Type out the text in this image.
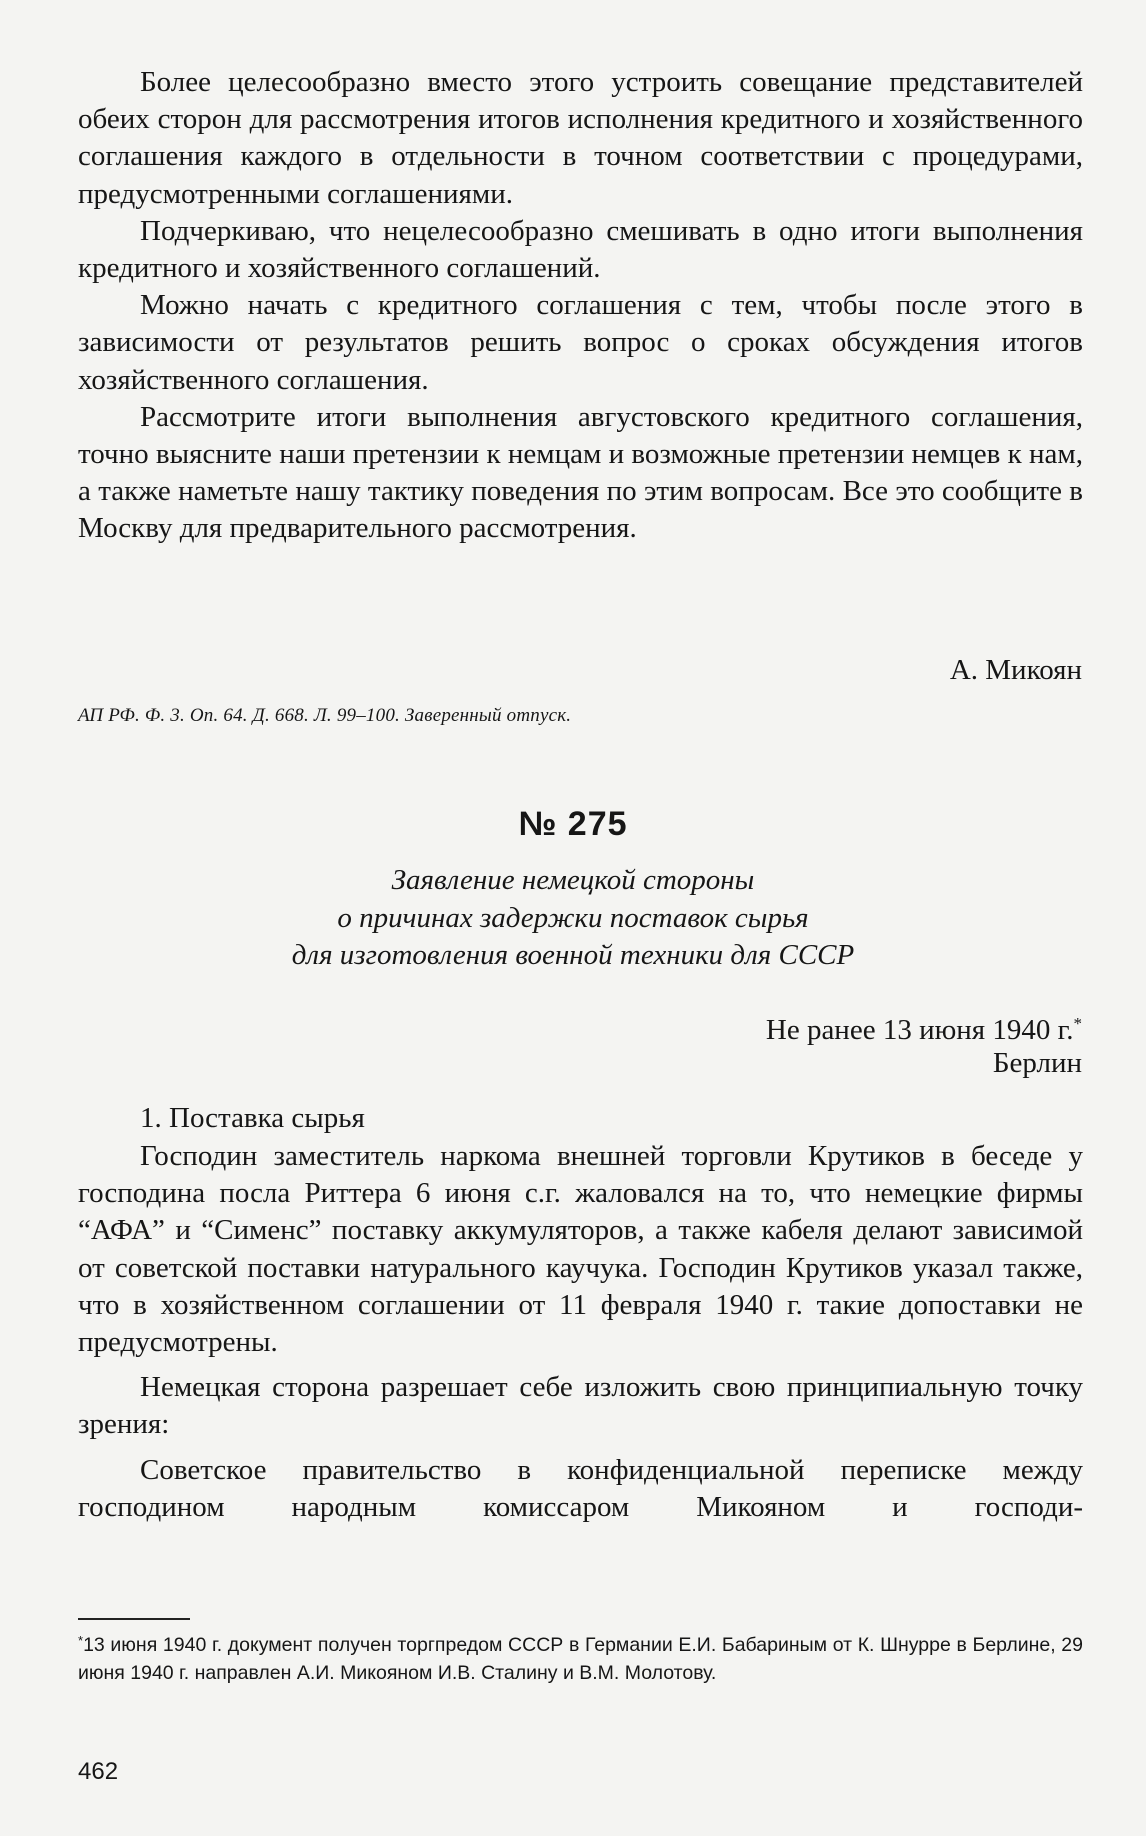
Более целесообразно вместо этого устроить совещание представителей обеих сторон для рассмотрения итогов исполнения кредитного и хозяйственного соглашения каждого в отдельности в точном соответствии с процедурами, предусмотренными соглашениями.

Подчеркиваю, что нецелесообразно смешивать в одно итоги выполнения кредитного и хозяйственного соглашений.

Можно начать с кредитного соглашения с тем, чтобы после этого в зависимости от результатов решить вопрос о сроках обсуждения итогов хозяйственного соглашения.

Рассмотрите итоги выполнения августовского кредитного соглашения, точно выясните наши претензии к немцам и возможные претензии немцев к нам, а также наметьте нашу тактику поведения по этим вопросам. Все это сообщите в Москву для предварительного рассмотрения.

А. Микоян
АП РФ. Ф. 3. Оп. 64. Д. 668. Л. 99–100. Заверенный отпуск.
№ 275
Заявление немецкой стороны
о причинах задержки поставок сырья
для изготовления военной техники для СССР
Не ранее 13 июня 1940 г.*
Берлин
1. Поставка сырья

Господин заместитель наркома внешней торговли Крутиков в беседе у господина посла Риттера 6 июня с.г. жаловался на то, что немецкие фирмы “АФА” и “Сименс” поставку аккумуляторов, а также кабеля делают зависимой от советской поставки натурального каучука. Господин Крутиков указал также, что в хозяйственном соглашении от 11 февраля 1940 г. такие допоставки не предусмотрены.

Немецкая сторона разрешает себе изложить свою принципиальную точку зрения:

Советское правительство в конфиденциальной переписке между господином народным комиссаром Микояном и господи-

*13 июня 1940 г. документ получен торгпредом СССР в Германии Е.И. Бабариным от К. Шнурре в Берлине, 29 июня 1940 г. направлен А.И. Микояном И.В. Сталину и В.М. Молотову.
462
